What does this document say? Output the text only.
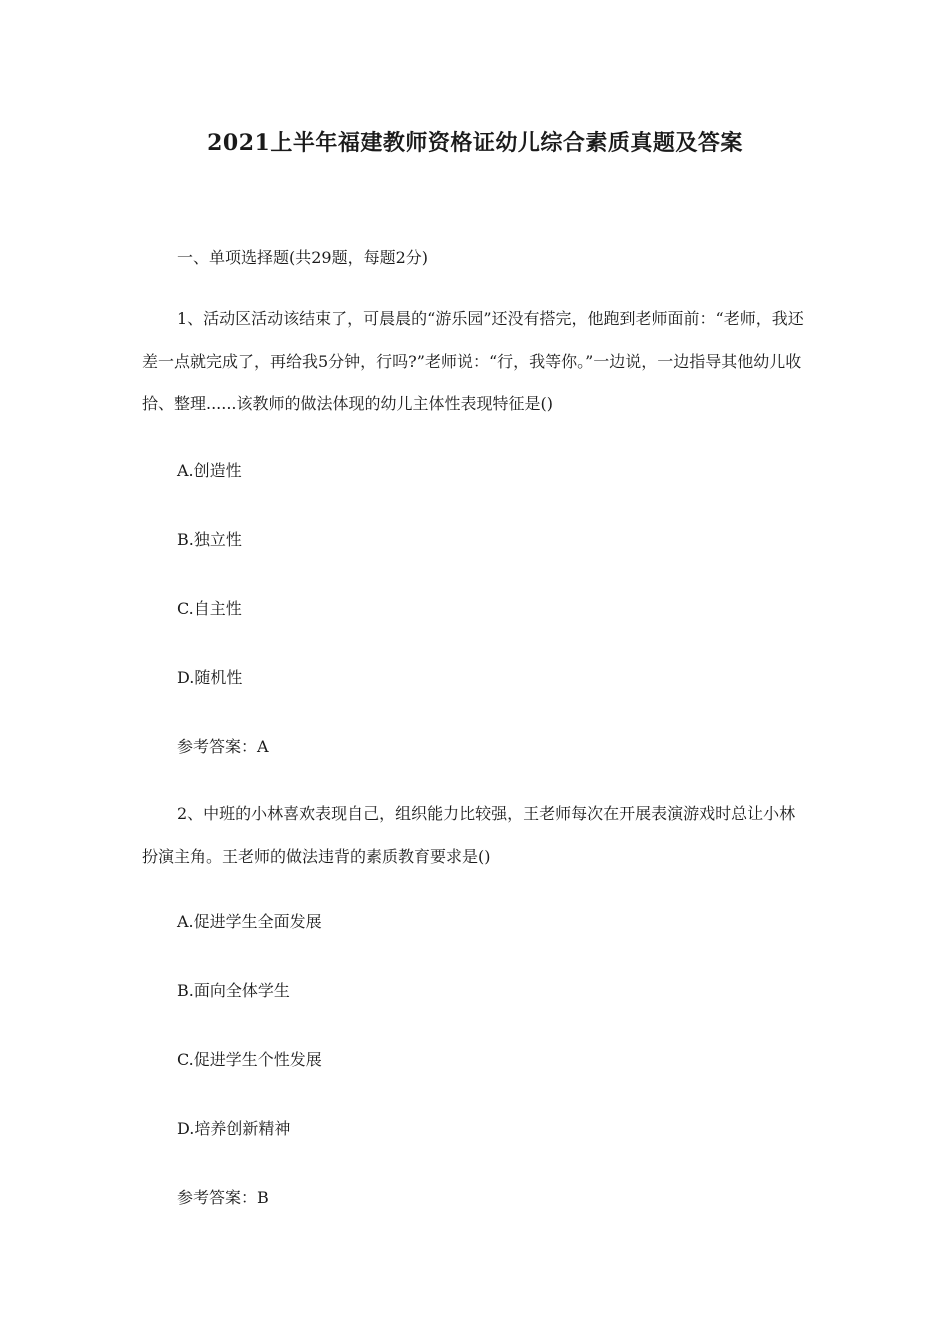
2021上半年福建教师资格证幼儿综合素质真题及答案
一、单项选择题(共29题，每题2分)
1、活动区活动该结束了，可晨晨的“游乐园”还没有搭完，他跑到老师面前：“老师，我还差一点就完成了，再给我5分钟，行吗?”老师说：“行，我等你。”一边说，一边指导其他幼儿收拾、整理......该教师的做法体现的幼儿主体性表现特征是()
A.创造性
B.独立性
C.自主性
D.随机性
参考答案：A
2、中班的小林喜欢表现自己，组织能力比较强，王老师每次在开展表演游戏时总让小林扮演主角。王老师的做法违背的素质教育要求是()
A.促进学生全面发展
B.面向全体学生
C.促进学生个性发展
D.培养创新精神
参考答案：B
